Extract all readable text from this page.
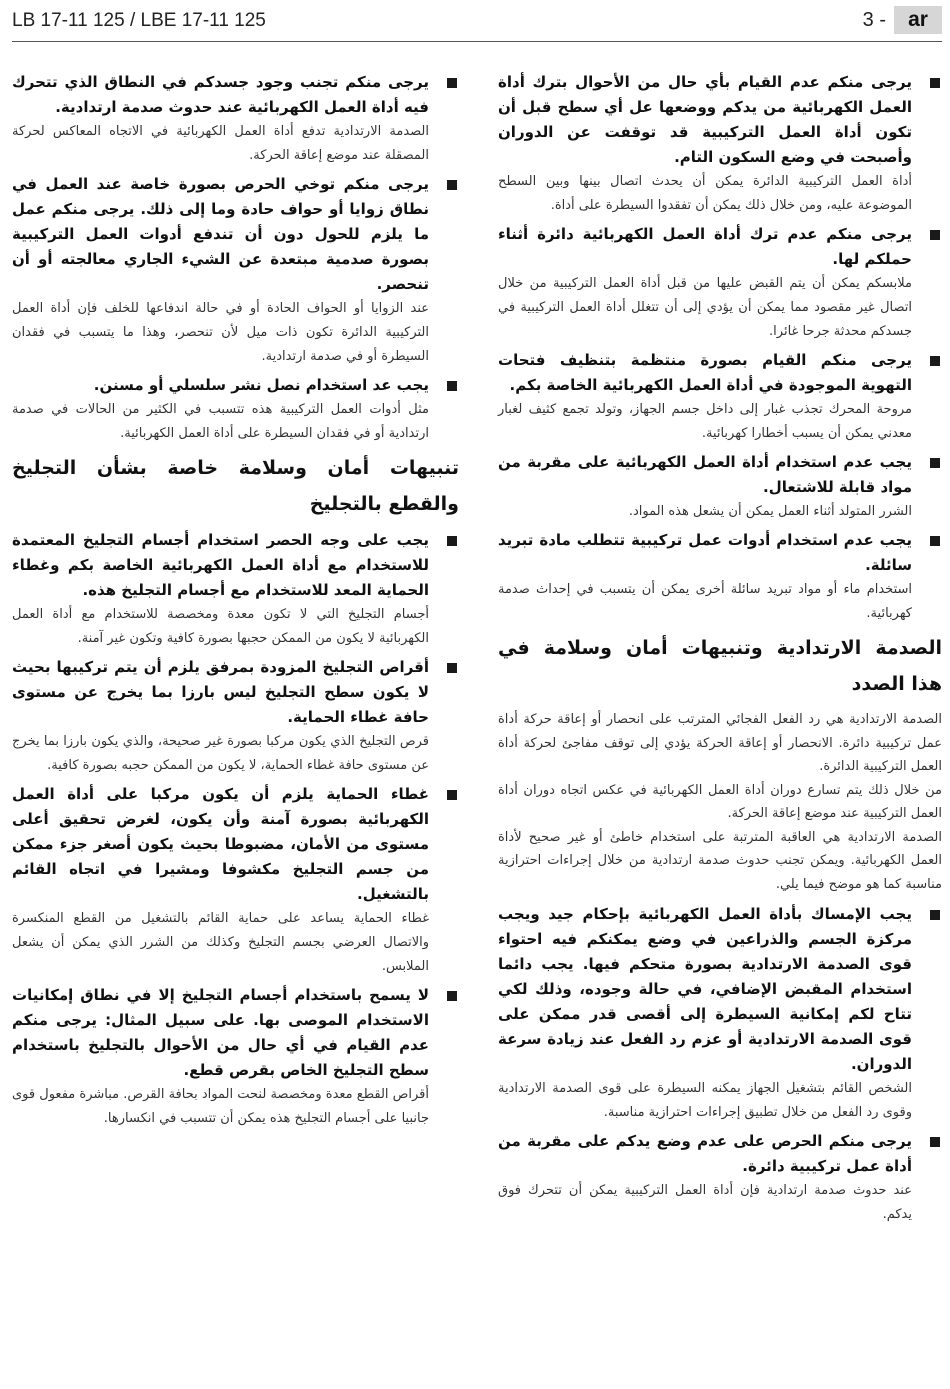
LB 17-11 125 / LBE 17-11 125	3 -	ar
يرجى منكم عدم القيام بأي حال من الأحوال بترك أداة العمل الكهربائية من يدكم ووضعها عل أي سطح قبل أن تكون أداة العمل التركيبية قد توقفت عن الدوران وأصبحت في وضع السكون التام.
أداة العمل التركيبية الدائرة يمكن أن يحدث اتصال بينها وبين السطح الموضوعة عليه، ومن خلال ذلك يمكن أن تفقدوا السيطرة على أداة.
يرجى منكم عدم ترك أداة العمل الكهربائية دائرة أثناء حملكم لها.
ملابسكم يمكن أن يتم القبض عليها من قبل أداة العمل التركيبية من خلال اتصال غير مقصود مما يمكن أن يؤدي إلى أن تتغلل أداة العمل التركيبية في جسدكم محدثة جرحا غائرا.
يرجى منكم القيام بصورة منتظمة بتنظيف فتحات التهوية الموجودة في أداة العمل الكهربائية الخاصة بكم.
مروحة المحرك تجذب غبار إلى داخل جسم الجهاز، وتولد تجمع كثيف لغبار معدني يمكن أن يسبب أخطارا كهربائية.
يجب عدم استخدام أداة العمل الكهربائية على مقربة من مواد قابلة للاشتعال.
الشرر المتولد أثناء العمل يمكن أن يشعل هذه المواد.
يجب عدم استخدام أدوات عمل تركيبية تتطلب مادة تبريد سائلة.
استخدام ماء أو مواد تبريد سائلة أخرى يمكن أن يتسبب في إحداث صدمة كهربائية.
الصدمة الارتدادية وتنبيهات أمان وسلامة في هذا الصدد

الصدمة الارتدادية هي رد الفعل الفجائي المترتب على انحصار أو إعاقة حركة أداة عمل تركيبية دائرة. الانحصار أو إعاقة الحركة يؤدي إلى توقف مفاجئ لحركة أداة العمل التركيبية الدائرة.

من خلال ذلك يتم تسارع دوران أداة العمل الكهربائية في عكس اتجاه دوران أداة العمل التركيبية عند موضع إعاقة الحركة.

الصدمة الارتدادية هي العاقبة المترتبة على استخدام خاطئ أو غير صحيح لأداة العمل الكهربائية. ويمكن تجنب حدوث صدمة ارتدادية من خلال إجراءات احترازية مناسبة كما هو موضح فيما يلي.

يجب الإمساك بأداة العمل الكهربائية بإحكام جيد ويجب مركزة الجسم والذراعين في وضع يمكنكم فيه احتواء قوى الصدمة الارتدادية بصورة متحكم فيها. يجب دائما استخدام المقبض الإضافي، في حالة وجوده، وذلك لكي تتاح لكم إمكانية السيطرة إلى أقصى قدر ممكن على قوى الصدمة الارتدادية أو عزم رد الفعل عند زيادة سرعة الدوران.
الشخص القائم بتشغيل الجهاز يمكنه السيطرة على قوى الصدمة الارتدادية وقوى رد الفعل من خلال تطبيق إجراءات احترازية مناسبة.
يرجى منكم الحرص على عدم وضع يدكم على مقربة من أداة عمل تركيبية دائرة.
عند حدوث صدمة ارتدادية فإن أداة العمل التركيبية يمكن أن تتحرك فوق يدكم.
يرجى منكم تجنب وجود جسدكم في النطاق الذي تتحرك فيه أداة العمل الكهربائية عند حدوث صدمة ارتدادية.
الصدمة الارتدادية تدفع أداة العمل الكهربائية في الاتجاه المعاكس لحركة المصقلة عند موضع إعاقة الحركة.
يرجى منكم توخي الحرص بصورة خاصة عند العمل في نطاق زوايا أو حواف حادة وما إلى ذلك. يرجى منكم عمل ما يلزم للحول دون أن تندفع أدوات العمل التركيبية بصورة صدمية مبتعدة عن الشيء الجاري معالجته أو أن تنحصر.
عند الزوايا أو الحواف الحادة أو في حالة اندفاعها للخلف فإن أداة العمل التركيبية الدائرة تكون ذات ميل لأن تنحصر، وهذا ما يتسبب في فقدان السيطرة أو في صدمة ارتدادية.
يجب عد استخدام نصل نشر سلسلي أو مسنن.
مثل أدوات العمل التركيبية هذه تتسبب في الكثير من الحالات في صدمة ارتدادية أو في فقدان السيطرة على أداة العمل الكهربائية.
تنبيهات أمان وسلامة خاصة بشأن التجليخ والقطع بالتجليخ
يجب على وجه الحصر استخدام أجسام التجليخ المعتمدة للاستخدام مع أداة العمل الكهربائية الخاصة بكم وغطاء الحماية المعد للاستخدام مع أجسام التجليخ هذه.
أجسام التجليخ التي لا تكون معدة ومخصصة للاستخدام مع أداة العمل الكهربائية لا يكون من الممكن حجبها بصورة كافية وتكون غير آمنة.
أقراص التجليخ المزودة بمرفق يلزم أن يتم تركيبها بحيث لا يكون سطح التجليخ ليس بارزا بما يخرج عن مستوى حافة غطاء الحماية.
قرص التجليخ الذي يكون مركبا بصورة غير صحيحة، والذي يكون بارزا بما يخرج عن مستوى حافة غطاء الحماية، لا يكون من الممكن حجبه بصورة كافية.
غطاء الحماية يلزم أن يكون مركبا على أداة العمل الكهربائية بصورة آمنة وأن يكون، لغرض تحقيق أعلى مستوى من الأمان، مضبوطا بحيث يكون أصغر جزء ممكن من جسم التجليخ مكشوفا ومشيرا في اتجاه القائم بالتشغيل.
غطاء الحماية يساعد على حماية القائم بالتشغيل من القطع المنكسرة والاتصال العرضي بجسم التجليخ وكذلك من الشرر الذي يمكن أن يشعل الملابس.
لا يسمح باستخدام أجسام التجليخ إلا في نطاق إمكانيات الاستخدام الموصى بها. على سبيل المثال: يرجى منكم عدم القيام في أي حال من الأحوال بالتجليخ باستخدام سطح التجليخ الخاص بقرص قطع.
أقراص القطع معدة ومخصصة لنحت المواد بحافة القرص. مباشرة مفعول قوى جانبيا على أجسام التجليخ هذه يمكن أن تتسبب في انكسارها.
